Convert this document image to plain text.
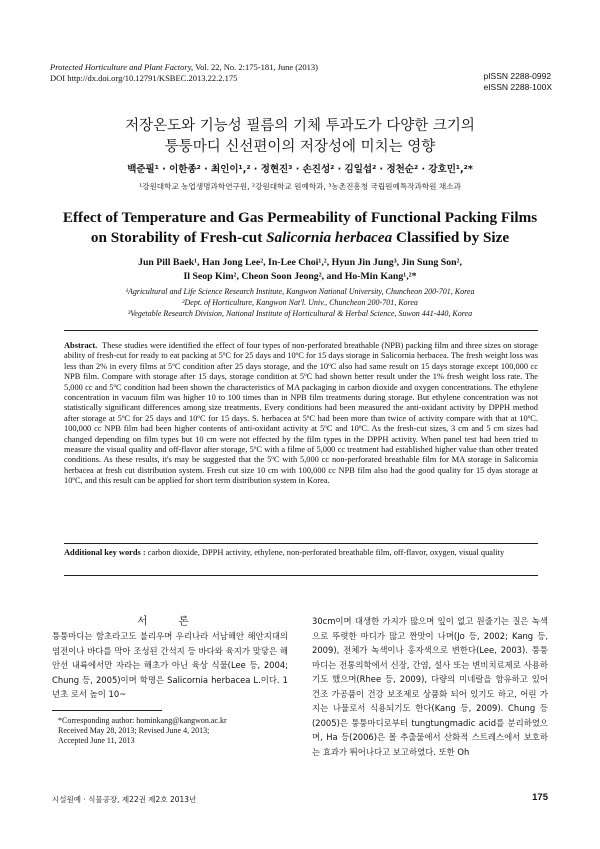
Protected Horticulture and Plant Factory, Vol. 22, No. 2:175-181, June (2013)
DOI http://dx.doi.org/10.12791/KSBEC.2013.22.2.175	pISSN 2288-0992
eISSN 2288-100X
저장온도와 기능성 필름의 기체 투과도가 다양한 크기의
퉁퉁마디 신선편이의 저장성에 미치는 영향
백준필¹ · 이한종² · 최인이¹,² · 정현진³ · 손진성² · 김일섭² · 정천순² · 강호민¹,²*
¹강원대학교 농업생명과학연구원, ²강원대학교 원예학과, ³농촌진흥청 국립원예특작과학원 채소과
Effect of Temperature and Gas Permeability of Functional Packing Films
on Storability of Fresh-cut Salicornia herbacea Classified by Size
Jun Pill Baek¹, Han Jong Lee², In-Lee Choi¹,², Hyun Jin Jung³, Jin Sung Son²,
Il Seop Kim², Cheon Soon Jeong², and Ho-Min Kang¹,²*
¹Agricultural and Life Science Research Institute, Kangwon National University, Chuncheon 200-701, Korea
²Dept. of Horticulture, Kangwon Nat'l. Univ., Chuncheon 200-701, Korea
³Vegetable Research Division, National Institute of Horticultural & Herbal Science, Suwon 441-440, Korea
Abstract. These studies were identified the effect of four types of non-perforated breathable (NPB) packing film and three sizes on storage ability of fresh-cut for ready to eat packing at 5ºC for 25 days and 10ºC for 15 days storage in Salicornia herbacea. The fresh weight loss was less than 2% in every films at 5ºC condition after 25 days storage, and the 10ºC also had same result on 15 days storage except 100,000 cc NPB film. Compare with storage after 15 days, storage condition at 5ºC had shown better result under the 1% fresh weight loss rate. The 5,000 cc and 5ºC condition had been shown the characteristics of MA packaging in carbon dioxide and oxygen concentrations. The ethylene concentration in vacuum film was higher 10 to 100 times than in NPB film treatments during storage. But ethylene concentration was not statistically significant differences among size treatments. Every conditions had been measured the anti-oxidant activity by DPPH method after storage at 5ºC for 25 days and 10ºC for 15 days. S. herbacea at 5ºC had been more than twice of activity compare with that at 10ºC. 100,000 cc NPB film had been higher contents of anti-oxidant activity at 5ºC and 10ºC. As the fresh-cut sizes, 3 cm and 5 cm sizes had changed depending on film types but 10 cm were not effected by the film types in the DPPH activity. When panel test had been tried to measure the visual quality and off-flavor after storage, 5ºC with a filme of 5,000 cc treatment had established higher value than other treated conditions. As these results, it's may be suggested that the 5ºC with 5,000 cc non-perforated breathable film for MA storage in Salicornia herbacea at fresh cut distribution system. Fresh cut size 10 cm with 100,000 cc NPB film also had the good quality for 15 dyas storage at 10ºC, and this result can be applied for short term distribution system in Korea.
Additional key words : carbon dioxide, DPPH activity, ethylene, non-perforated breathable film, off-flavor, oxygen, visual quality
서 론
퉁퉁마디는 함초라고도 불리우며 우리나라 서남해안 해안지대의 염전이나 바다를 막아 조성된 간석지 등 바다와 육지가 맞닿은 해안선 내륙에서만 자라는 해초가 아닌 육상 식물(Lee 등, 2004; Chung 등, 2005)이며 학명은 Salicornia herbacea L.이다. 1년초 로서 높이 10~
30cm이며 대생한 가지가 많으며 잎이 없고 원줄기는 질은 녹색으로 뚜렷한 마디가 많고 짠맛이 나며(Jo 등, 2002; Kang 등, 2009), 전체가 녹색이나 홍자색으로 변한다(Lee, 2003). 퉁퉁마디는 전통의학에서 신장, 간염, 설사 또는 변비치료제로 사용하기도 했으며(Rhee 등, 2009), 다량의 미네랄을 함유하고 있어 건조 가공품이 건강 보조제로 상품화 되어 있기도 하고, 어린 가지는 나물로서 식용되기도 한다(Kang 등, 2009). Chung 등(2005)은 퉁퉁마디로부터 tungtungmadic acid를 분리하였으며, Ha 등(2006)은 몰 추출물에서 산화적 스트레스에서 보호하는 효과가 뛰어나다고 보고하였다. 또한 Oh
*Corresponding author: hominkang@kangwon.ac.kr
Received May 28, 2013; Revised June 4, 2013;
Accepted June 11, 2013
시설원예 · 식물공장, 제22권 제2호 2013년	175
